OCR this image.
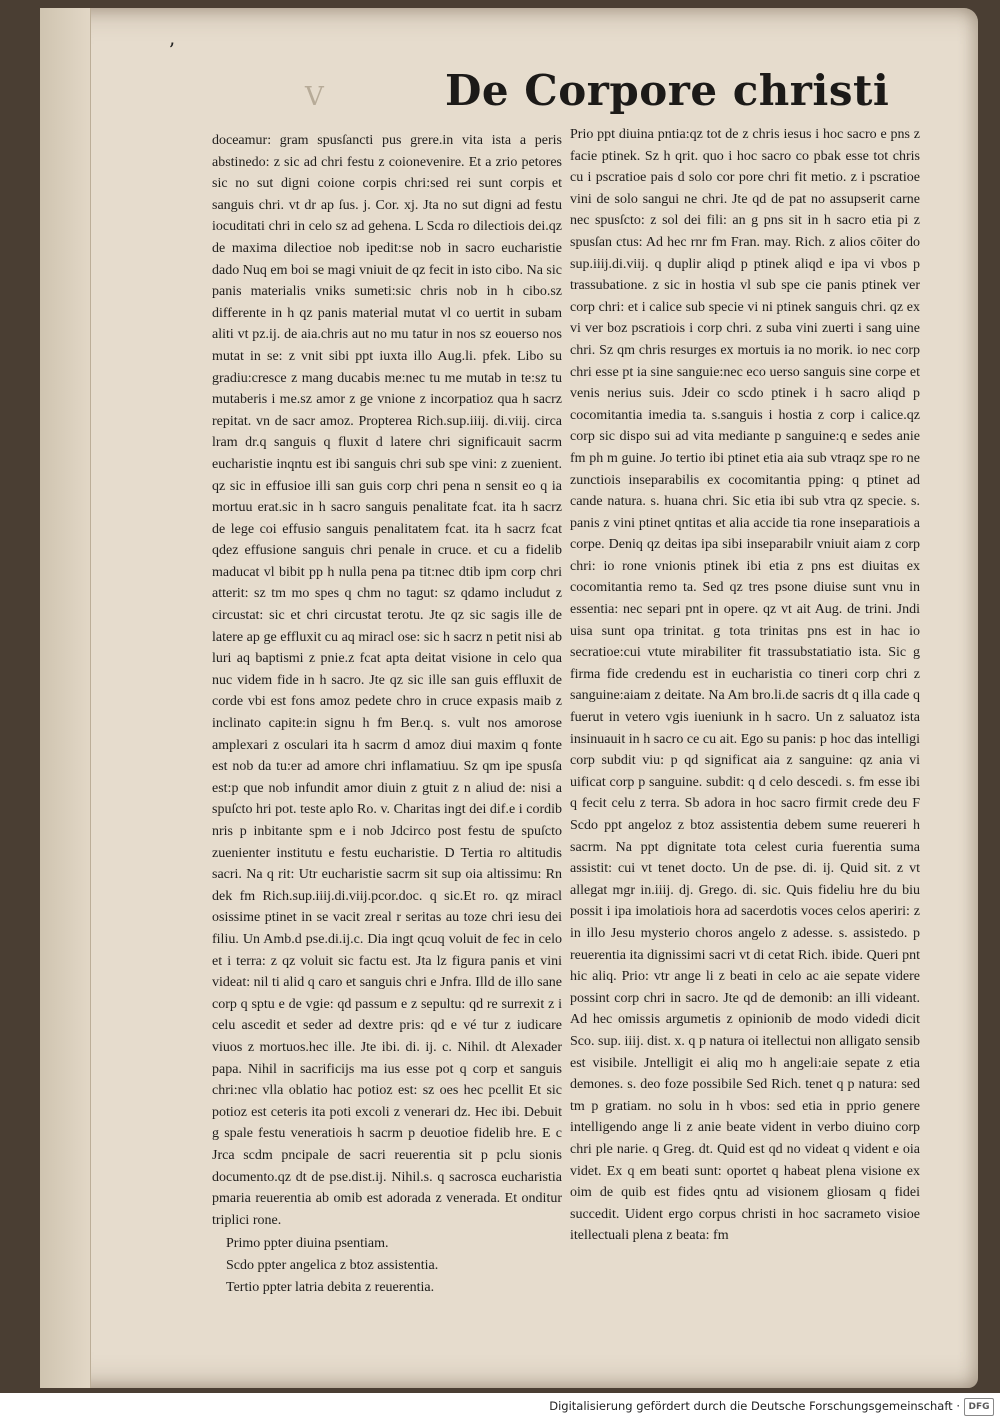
ʼ
V	De Corpore christi

doceamur: gram spusſancti pus grere.in vita ista a peris abstinedo: z sic ad chri festu z coionevenire. Et a zrio petores sic no sut digni coione corpis chri:sed rei sunt corpis et sanguis chri. vt dr ap ſus. j. Cor. xj. Jta no sut digni ad festu iocuditati chri in celo sz ad gehena. L Scda ro dilectiois dei.qz de maxima dilectioe nob ipedit:se nob in sacro eucharistie dado Nuq em boi se magi vniuit de qz fecit in isto cibo. Na sic panis materialis vniks sumeti:sic chris nob in h cibo.sz differente in h qz panis material mutat vl co uertit in subam aliti vt pz.ij. de aia.chris aut no mu tatur in nos sz eouerso nos mutat in se: z vnit sibi ppt iuxta illo Aug.li. pfek. Libo su gradiu:cresce z mang ducabis me:nec tu me mutab in te:sz tu mutaberis i me.sz amor z ge vnione z incorpatioz qua h sacrz repitat. vn de sacr amoz. Propterea Rich.sup.iiij. di.viij. circa lram dr.q sanguis q fluxit d latere chri significauit sacrm eucharistie inqntu est ibi sanguis chri sub spe vini: z zuenient. qz sic in effusioe illi san guis corp chri pena n sensit eo q ia mortuu erat.sic in h sacro sanguis penalitate fcat. ita h sacrz de lege coi effusio sanguis penalitatem fcat. ita h sacrz fcat qdez effusione sanguis chri penale in cruce. et cu a fidelib maducat vl bibit pp h nulla pena pa tit:nec dtib ipm corp chri atterit: sz tm mo spes q chm no tagut: sz qdamo includut z circustat: sic et chri circustat terotu. Jte qz sic sagis ille de latere ap ge effluxit cu aq miracl ose: sic h sacrz n petit nisi ab luri aq baptismi z pnie.z fcat apta deitat visione in celo qua nuc videm fide in h sacro. Jte qz sic ille san guis effluxit de corde vbi est fons amoz pedete chro in cruce expasis maib z inclinato capite:in signu h fm Ber.q. s. vult nos amorose amplexari z osculari ita h sacrm d amoz diui maxim q fonte est nob da tu:er ad amore chri inflamatiuu. Sz qm ipe spusſa est:p que nob infundit amor diuin z gtuit z n aliud de: nisi a spuſcto hri pot. teste aplo Ro. v. Charitas ingt dei dif.e i cordib nris p inbitante spm e i nob Jdcirco post festu de spuſcto zuenienter institutu e festu eucharistie. D Tertia ro altitudis sacri. Na q rit: Utr eucharistie sacrm sit sup oia altissimu: Rn dek fm Rich.sup.iiij.di.viij.pcor.doc. q sic.Et ro. qz miracl osissime ptinet in se vacit zreal r seritas au toze chri iesu dei filiu. Un Amb.d pse.di.ij.c. Dia ingt qcuq voluit de fec in celo et i terra: z qz voluit sic factu est. Jta lz figura panis et vini videat: nil ti alid q caro et sanguis chri e Jnfra. Illd de illo sane corp q sptu e de vgie: qd passum e z sepultu: qd re surrexit z i celu ascedit et seder ad dextre pris: qd e vé tur z iudicare viuos z mortuos.hec ille. Jte ibi. di. ij. c. Nihil. dt Alexader papa. Nihil in sacrificijs ma ius esse pot q corp et sanguis chri:nec vlla oblatio hac potioz est: sz oes hec pcellit Et sic potioz est ceteris ita poti excoli z venerari dz. Hec ibi. Debuit g spale festu veneratiois h sacrm p deuotioe fidelib hre. E c Jrca scdm pncipale de sacri reuerentia sit p pclu sionis documento.qz dt de pse.dist.ij. Nihil.s. q sacrosca eucharistia pmaria reuerentia ab omib est adorada z venerada. Et onditur triplici rone.

Primo ppter diuina psentiam.
Scdo ppter angelica z btoz assistentia.
Tertio ppter latria debita z reuerentia.

Prio ppt diuina pntia:qz tot de z chris iesus i hoc sacro e pns z facie ptinek. Sz h qrit. quo i hoc sacro co pbak esse tot chris cu i pscratioe pais d solo cor pore chri fit metio. z i pscratioe vini de solo sangui ne chri. Jte qd de pat no assupserit carne nec spusſcto: z sol dei fili: an g pns sit in h sacro etia pi z spusſan ctus: Ad hec rnr fm Fran. may. Rich. z alios cōiter do sup.iiij.di.viij. q duplir aliqd p ptinek aliqd e ipa vi vbos p trassubatione. z sic in hostia vl sub spe cie panis ptinek ver corp chri: et i calice sub specie vi ni ptinek sanguis chri. qz ex vi ver boz pscratiois i corp chri. z suba vini zuerti i sang uine chri. Sz qm chris resurges ex mortuis ia no morik. io nec corp chri esse pt ia sine sanguie:nec eco uerso sanguis sine corpe et venis nerius suis. Jdeir co scdo ptinek i h sacro aliqd p cocomitantia imedia ta. s.sanguis i hostia z corp i calice.qz corp sic dispo sui ad vita mediante p sanguine:q e sedes anie fm ph m guine. Jo tertio ibi ptinet etia aia sub vtraqz spe ro ne zunctiois inseparabilis ex cocomitantia pping: q ptinet ad cande natura. s. huana chri. Sic etia ibi sub vtra qz specie. s. panis z vini ptinet qntitas et alia accide tia rone inseparatiois a corpe. Deniq qz deitas ipa sibi inseparabilr vniuit aiam z corp chri: io rone vnionis ptinek ibi etia z pns est diuitas ex cocomitantia remo ta. Sed qz tres psone diuise sunt vnu in essentia: nec separi pnt in opere. qz vt ait Aug. de trini. Jndi uisa sunt opa trinitat. g tota trinitas pns est in hac io secratioe:cui vtute mirabiliter fit trassubstatiatio ista. Sic g firma fide credendu est in eucharistia co tineri corp chri z sanguine:aiam z deitate. Na Am bro.li.de sacris dt q illa cade q fuerut in vetero vgis iueniunk in h sacro. Un z saluatoz ista insinuauit in h sacro ce cu ait. Ego su panis: p hoc das intelligi corp subdit viu: p qd significat aia z sanguine: qz ania vi uificat corp p sanguine. subdit: q d celo descedi. s. fm esse ibi q fecit celu z terra. Sb adora in hoc sacro firmit crede deu F Scdo ppt angeloz z btoz assistentia debem sume reuereri h sacrm. Na ppt dignitate tota celest curia fuerentia suma assistit: cui vt tenet docto. Un de pse. di. ij. Quid sit. z vt allegat mgr in.iiij. dj. Grego. di. sic. Quis fideliu hre du biu possit i ipa imolatiois hora ad sacerdotis voces celos aperiri: z in illo Jesu mysterio choros angelo z adesse. s. assistedo. p reuerentia ita dignissimi sacri vt di cetat Rich. ibide. Queri pnt hic aliq. Prio: vtr ange li z beati in celo ac aie sepate videre possint corp chri in sacro. Jte qd de demonib: an illi videant. Ad hec omissis argumetis z opinionib de modo videdi dicit Sco. sup. iiij. dist. x. q p natura oi itellectui non alligato sensib est visibile. Jntelligit ei aliq mo h angeli:aie sepate z etia demones. s. deo foze possibile Sed Rich. tenet q p natura: sed tm p gratiam. no solu in h vbos: sed etia in pprio genere intelligendo ange li z anie beate vident in verbo diuino corp chri ple narie. q Greg. dt. Quid est qd no videat q vident e oia videt. Ex q em beati sunt: oportet q habeat plena visione ex oim de quib est fides qntu ad visionem gliosam q fidei succedit. Uident ergo corpus christi in hoc sacrameto visioe itellectuali plena z beata: fm

Digitalisierung gefördert durch die Deutsche Forschungsgemeinschaft · DFG
